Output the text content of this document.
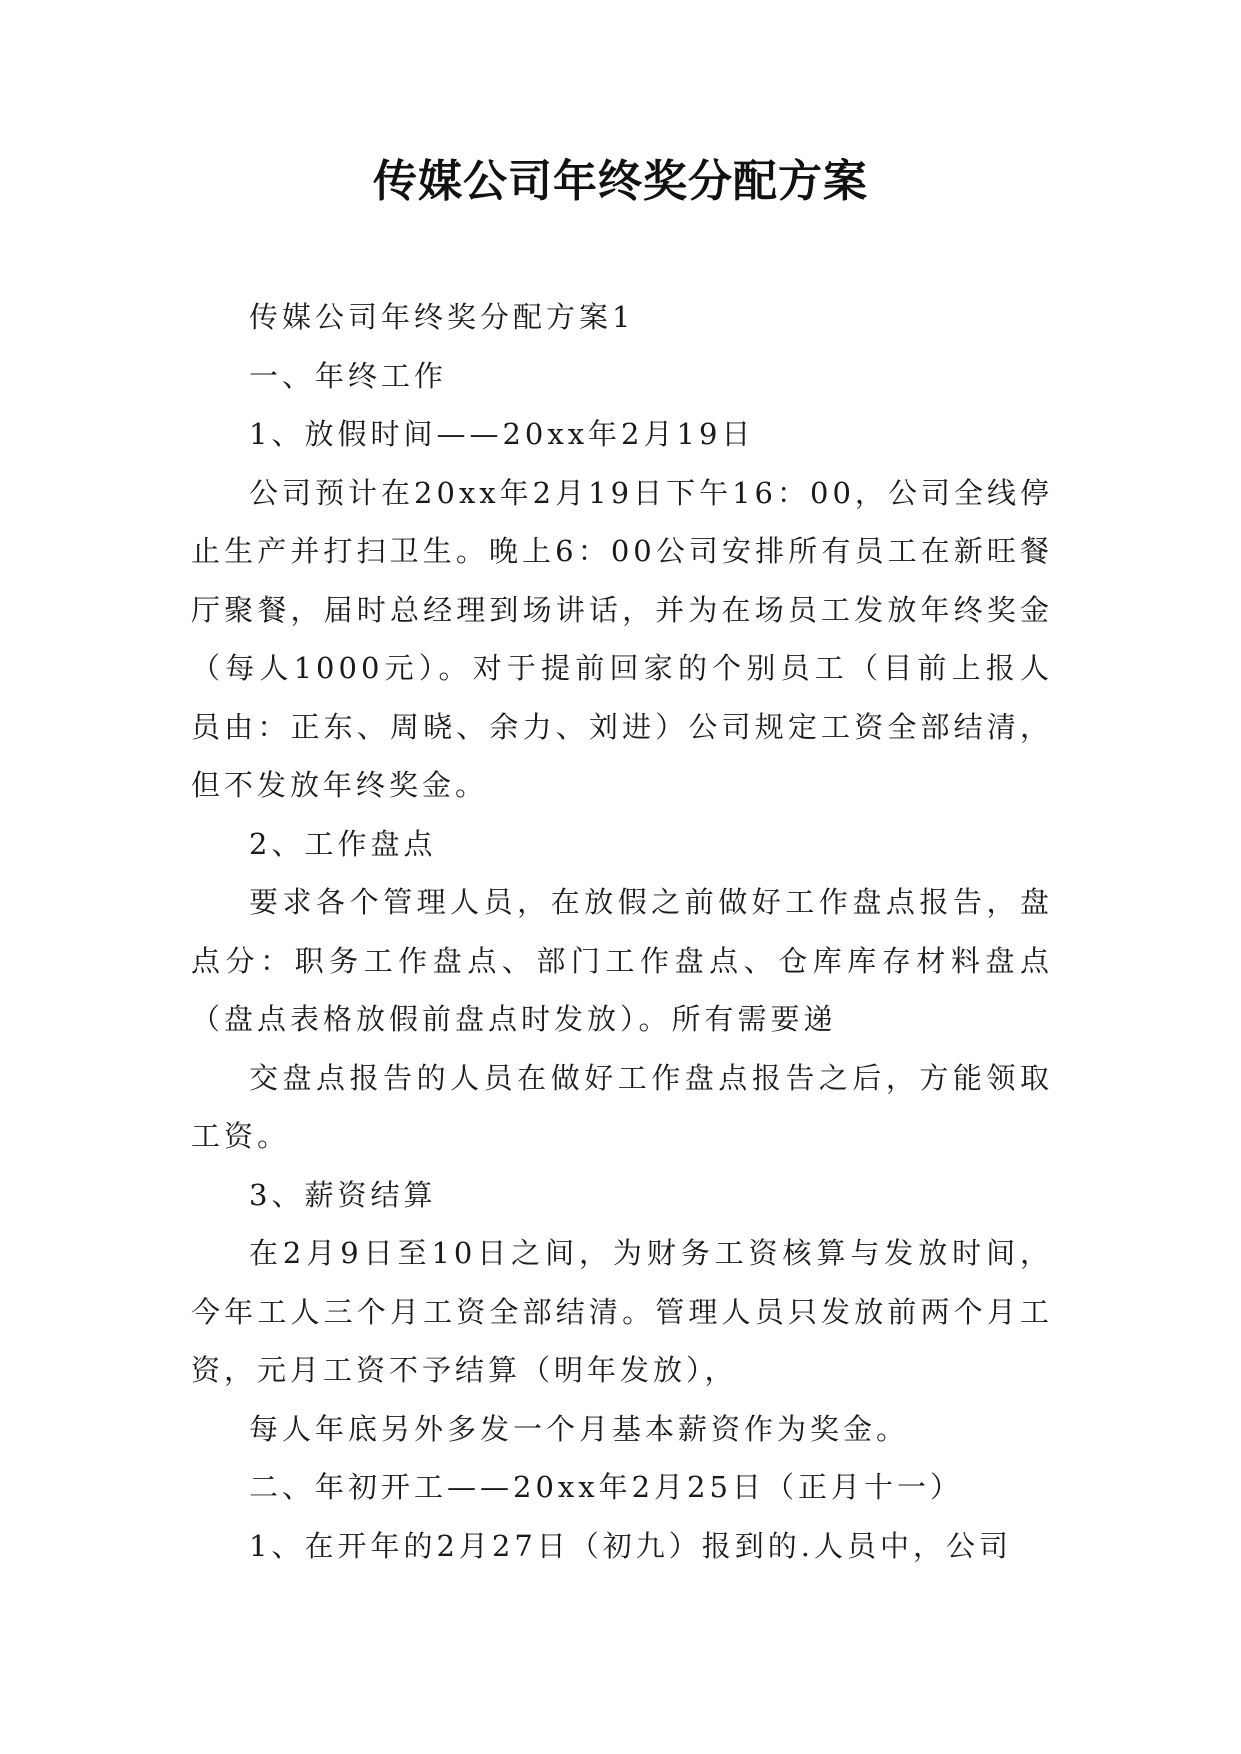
传媒公司年终奖分配方案

传媒公司年终奖分配方案1

一、年终工作

1、放假时间——20xx年2月19日

公司预计在20xx年2月19日下午16：00，公司全线停止生产并打扫卫生。晚上6：00公司安排所有员工在新旺餐厅聚餐，届时总经理到场讲话，并为在场员工发放年终奖金（每人1000元）。对于提前回家的个别员工（目前上报人员由：正东、周晓、余力、刘进）公司规定工资全部结清，但不发放年终奖金。

2、工作盘点

要求各个管理人员，在放假之前做好工作盘点报告，盘点分：职务工作盘点、部门工作盘点、仓库库存材料盘点（盘点表格放假前盘点时发放）。所有需要递

交盘点报告的人员在做好工作盘点报告之后，方能领取工资。

3、薪资结算

在2月9日至10日之间，为财务工资核算与发放时间，今年工人三个月工资全部结清。管理人员只发放前两个月工资，元月工资不予结算（明年发放），

每人年底另外多发一个月基本薪资作为奖金。

二、年初开工——20xx年2月25日（正月十一）

1、在开年的2月27日（初九）报到的.人员中，公司
